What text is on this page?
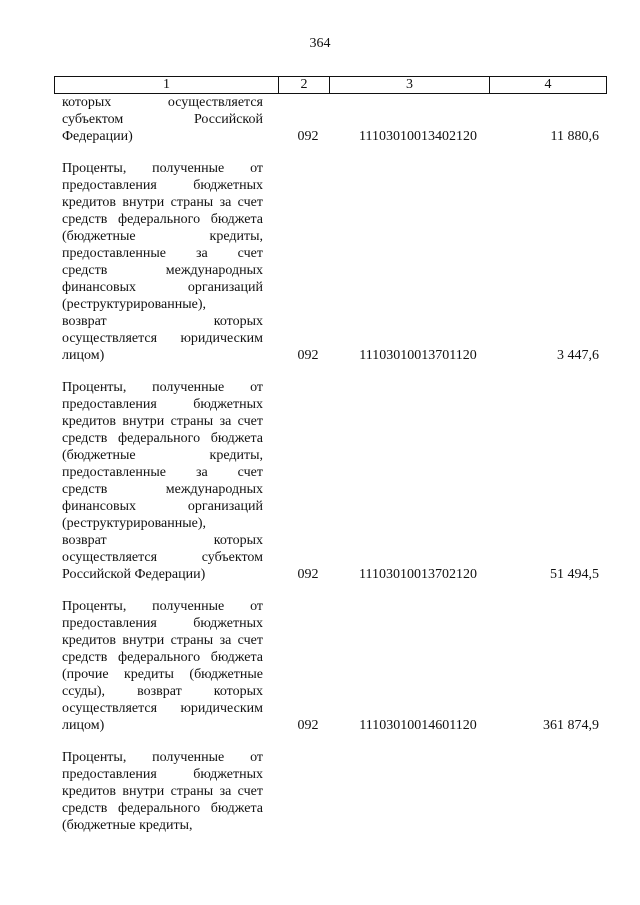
364
1	2	3	4
которых осуществляется
субъектом Российской
Федерации)	092	11103010013402120	11 880,6
Проценты, полученные от
предоставления бюджетных
кредитов внутри страны за счет
средств федерального бюджета
(бюджетные кредиты,
предоставленные за счет
средств международных
финансовых организаций
(реструктурированные),
возврат которых
осуществляется юридическим
лицом)	092	11103010013701120	3 447,6
Проценты, полученные от
предоставления бюджетных
кредитов внутри страны за счет
средств федерального бюджета
(бюджетные кредиты,
предоставленные за счет
средств международных
финансовых организаций
(реструктурированные),
возврат которых
осуществляется субъектом
Российской Федерации)	092	11103010013702120	51 494,5
Проценты, полученные от
предоставления бюджетных
кредитов внутри страны за счет
средств федерального бюджета
(прочие кредиты (бюджетные
ссуды), возврат которых
осуществляется юридическим
лицом)	092	11103010014601120	361 874,9
Проценты, полученные от
предоставления бюджетных
кредитов внутри страны за счет
средств федерального бюджета
(бюджетные кредиты,
